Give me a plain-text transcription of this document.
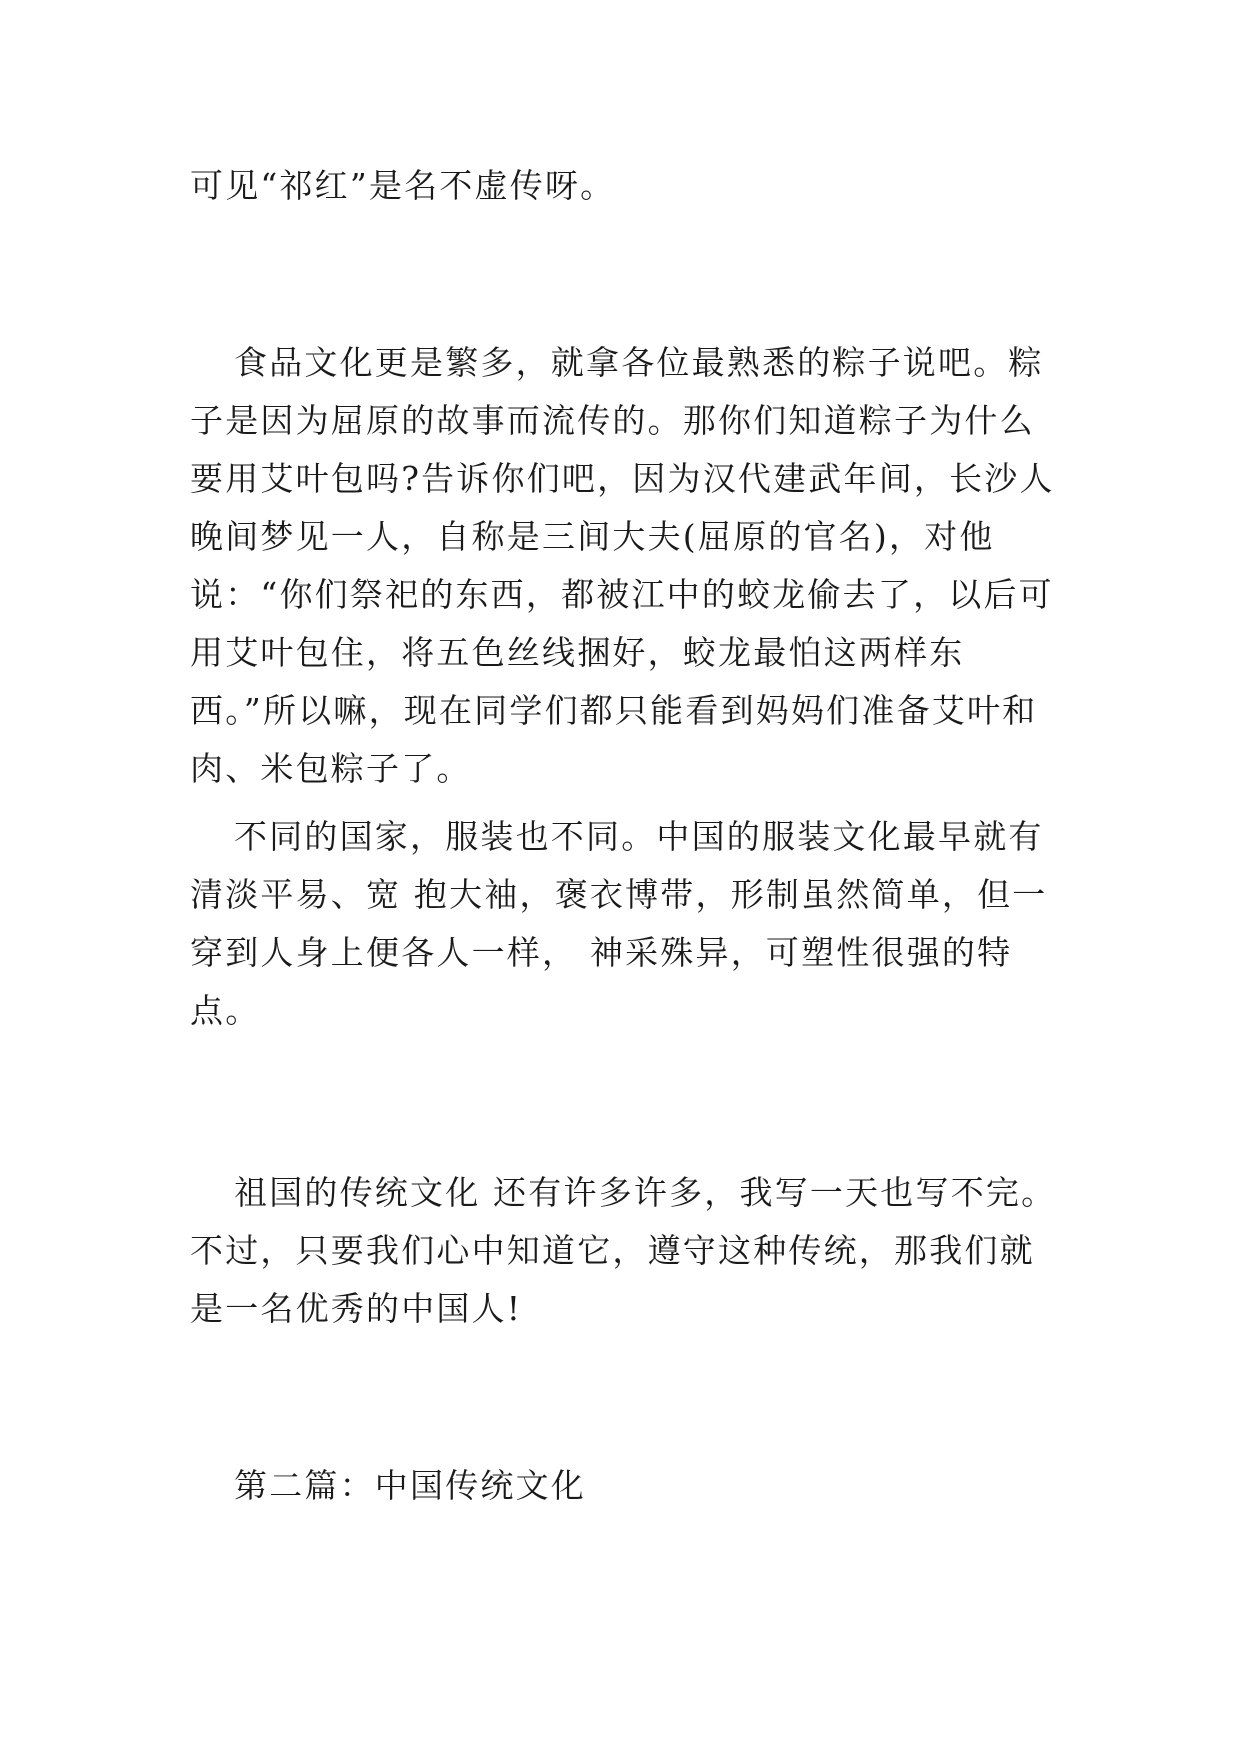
可见“祁红”是名不虚传呀。

食品文化更是繁多，就拿各位最熟悉的粽子说吧。粽子是因为屈原的故事而流传的。那你们知道粽子为什么要用艾叶包吗?告诉你们吧，因为汉代建武年间，长沙人晚间梦见一人，自称是三间大夫(屈原的官名)，对他说：“你们祭祀的东西，都被江中的蛟龙偷去了，以后可用艾叶包住，将五色丝线捆好，蛟龙最怕这两样东西。”所以嘛，现在同学们都只能看到妈妈们准备艾叶和肉、米包粽子了。

不同的国家，服装也不同。中国的服装文化最早就有清淡平易、宽 抱大袖，褒衣博带，形制虽然简单，但一穿到人身上便各人一样， 神采殊异，可塑性很强的特点。

祖国的传统文化 还有许多许多，我写一天也写不完。不过，只要我们心中知道它，遵守这种传统，那我们就是一名优秀的中国人!

第二篇：中国传统文化
